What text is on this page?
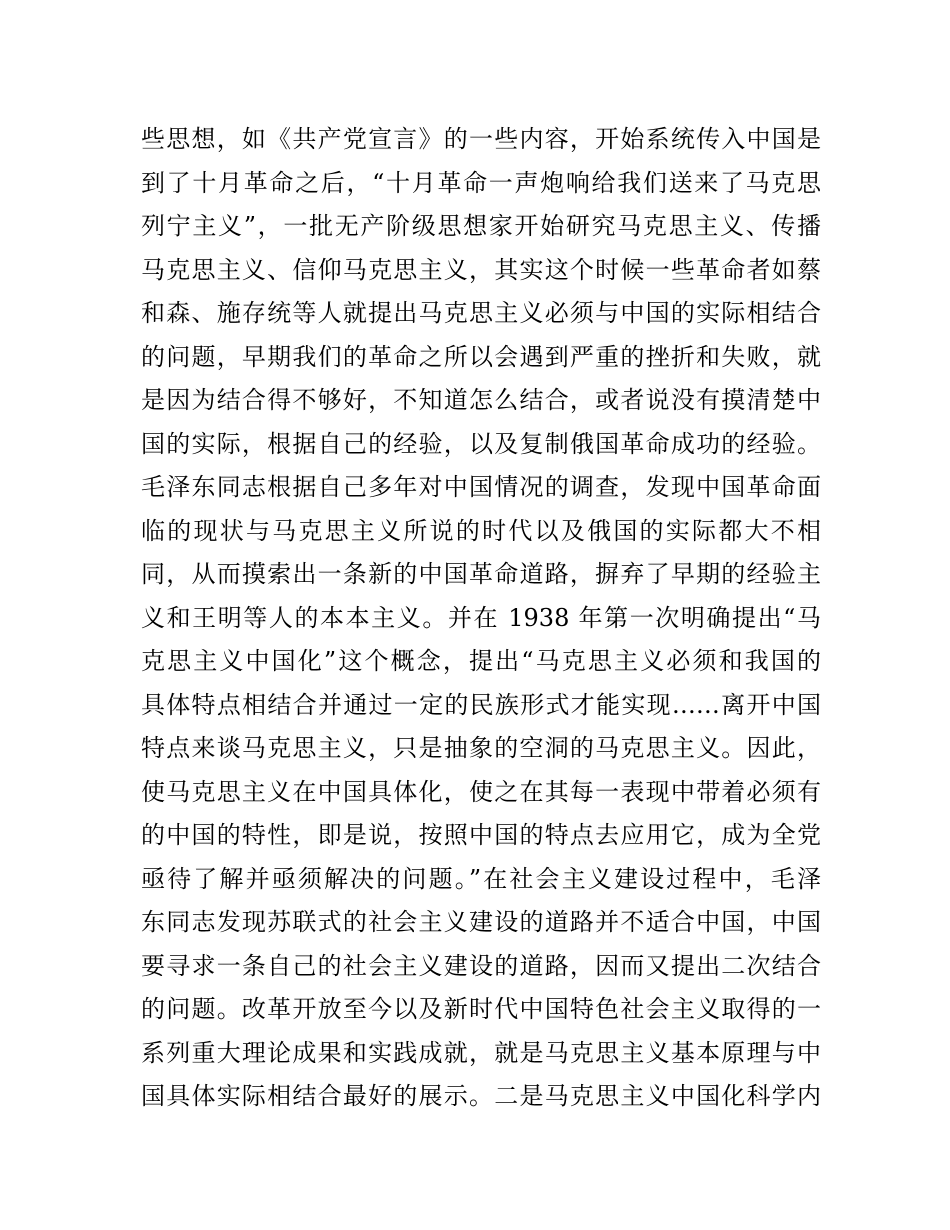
些思想，如《共产党宣言》的一些内容，开始系统传入中国是
到了十月革命之后，“十月革命一声炮响给我们送来了马克思
列宁主义”，一批无产阶级思想家开始研究马克思主义、传播
马克思主义、信仰马克思主义，其实这个时候一些革命者如蔡
和森、施存统等人就提出马克思主义必须与中国的实际相结合
的问题，早期我们的革命之所以会遇到严重的挫折和失败，就
是因为结合得不够好，不知道怎么结合，或者说没有摸清楚中
国的实际，根据自己的经验，以及复制俄国革命成功的经验。
毛泽东同志根据自己多年对中国情况的调查，发现中国革命面
临的现状与马克思主义所说的时代以及俄国的实际都大不相
同，从而摸索出一条新的中国革命道路，摒弃了早期的经验主
义和王明等人的本本主义。并在 1938 年第一次明确提出“马
克思主义中国化”这个概念，提出“马克思主义必须和我国的
具体特点相结合并通过一定的民族形式才能实现……离开中国
特点来谈马克思主义，只是抽象的空洞的马克思主义。因此，
使马克思主义在中国具体化，使之在其每一表现中带着必须有
的中国的特性，即是说，按照中国的特点去应用它，成为全党
亟待了解并亟须解决的问题。”在社会主义建设过程中，毛泽
东同志发现苏联式的社会主义建设的道路并不适合中国，中国
要寻求一条自己的社会主义建设的道路，因而又提出二次结合
的问题。改革开放至今以及新时代中国特色社会主义取得的一
系列重大理论成果和实践成就，就是马克思主义基本原理与中
国具体实际相结合最好的展示。二是马克思主义中国化科学内
